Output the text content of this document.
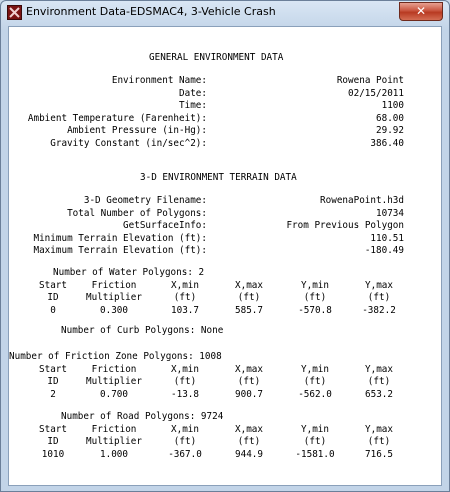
Environment Data-EDSMAC4, 3-Vehicle Crash	✕
GENERAL ENVIRONMENT DATA
Environment Name:	Rowena Point
Date:	02/15/2011
Time:	1100
Ambient Temperature (Farenheit):	68.00
Ambient Pressure (in-Hg):	29.92
Gravity Constant (in/sec^2):	386.40
3-D ENVIRONMENT TERRAIN DATA
3-D Geometry Filename:	RowenaPoint.h3d
Total Number of Polygons:	10734
GetSurfaceInfo:	From Previous Polygon
Minimum Terrain Elevation (ft):	110.51
Maximum Terrain Elevation (ft):	-180.49
Number of Water Polygons: 2
Start	Friction	X,min	X,max	Y,min	Y,max
ID	Multiplier	(ft)	(ft)	(ft)	(ft)
0	0.300	103.7	585.7	-570.8	-382.2
Number of Curb Polygons: None
Number of Friction Zone Polygons: 1008
Start	Friction	X,min	X,max	Y,min	Y,max
ID	Multiplier	(ft)	(ft)	(ft)	(ft)
2	0.700	-13.8	900.7	-562.0	653.2
Number of Road Polygons: 9724
Start	Friction	X,min	X,max	Y,min	Y,max
ID	Multiplier	(ft)	(ft)	(ft)	(ft)
1010	1.000	-367.0	944.9	-1581.0	716.5
